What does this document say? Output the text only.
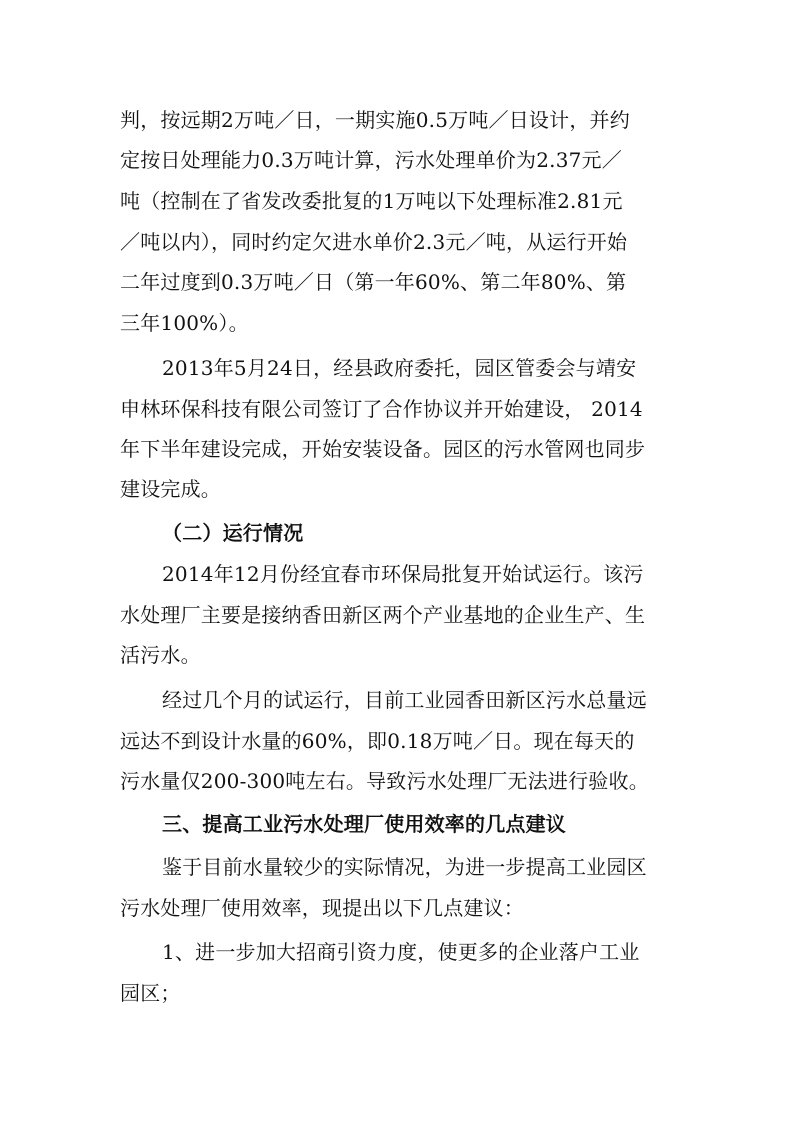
判，按远期2万吨／日，一期实施0.5万吨／日设计，并约
定按日处理能力0.3万吨计算，污水处理单价为2.37元／
吨（控制在了省发改委批复的1万吨以下处理标准2.81元
／吨以内），同时约定欠进水单价2.3元／吨，从运行开始
二年过度到0.3万吨／日（第一年60%、第二年80%、第
三年100%）。
2013年5月24日，经县政府委托，园区管委会与靖安
申林环保科技有限公司签订了合作协议并开始建设， 2014
年下半年建设完成，开始安装设备。园区的污水管网也同步
建设完成。
（二）运行情况
2014年12月份经宜春市环保局批复开始试运行。该污
水处理厂主要是接纳香田新区两个产业基地的企业生产、生
活污水。
经过几个月的试运行，目前工业园香田新区污水总量远
远达不到设计水量的60%，即0.18万吨／日。现在每天的
污水量仅200-300吨左右。导致污水处理厂无法进行验收。
三、提高工业污水处理厂使用效率的几点建议
鉴于目前水量较少的实际情况，为进一步提高工业园区
污水处理厂使用效率，现提出以下几点建议：
1、进一步加大招商引资力度，使更多的企业落户工业
园区；
